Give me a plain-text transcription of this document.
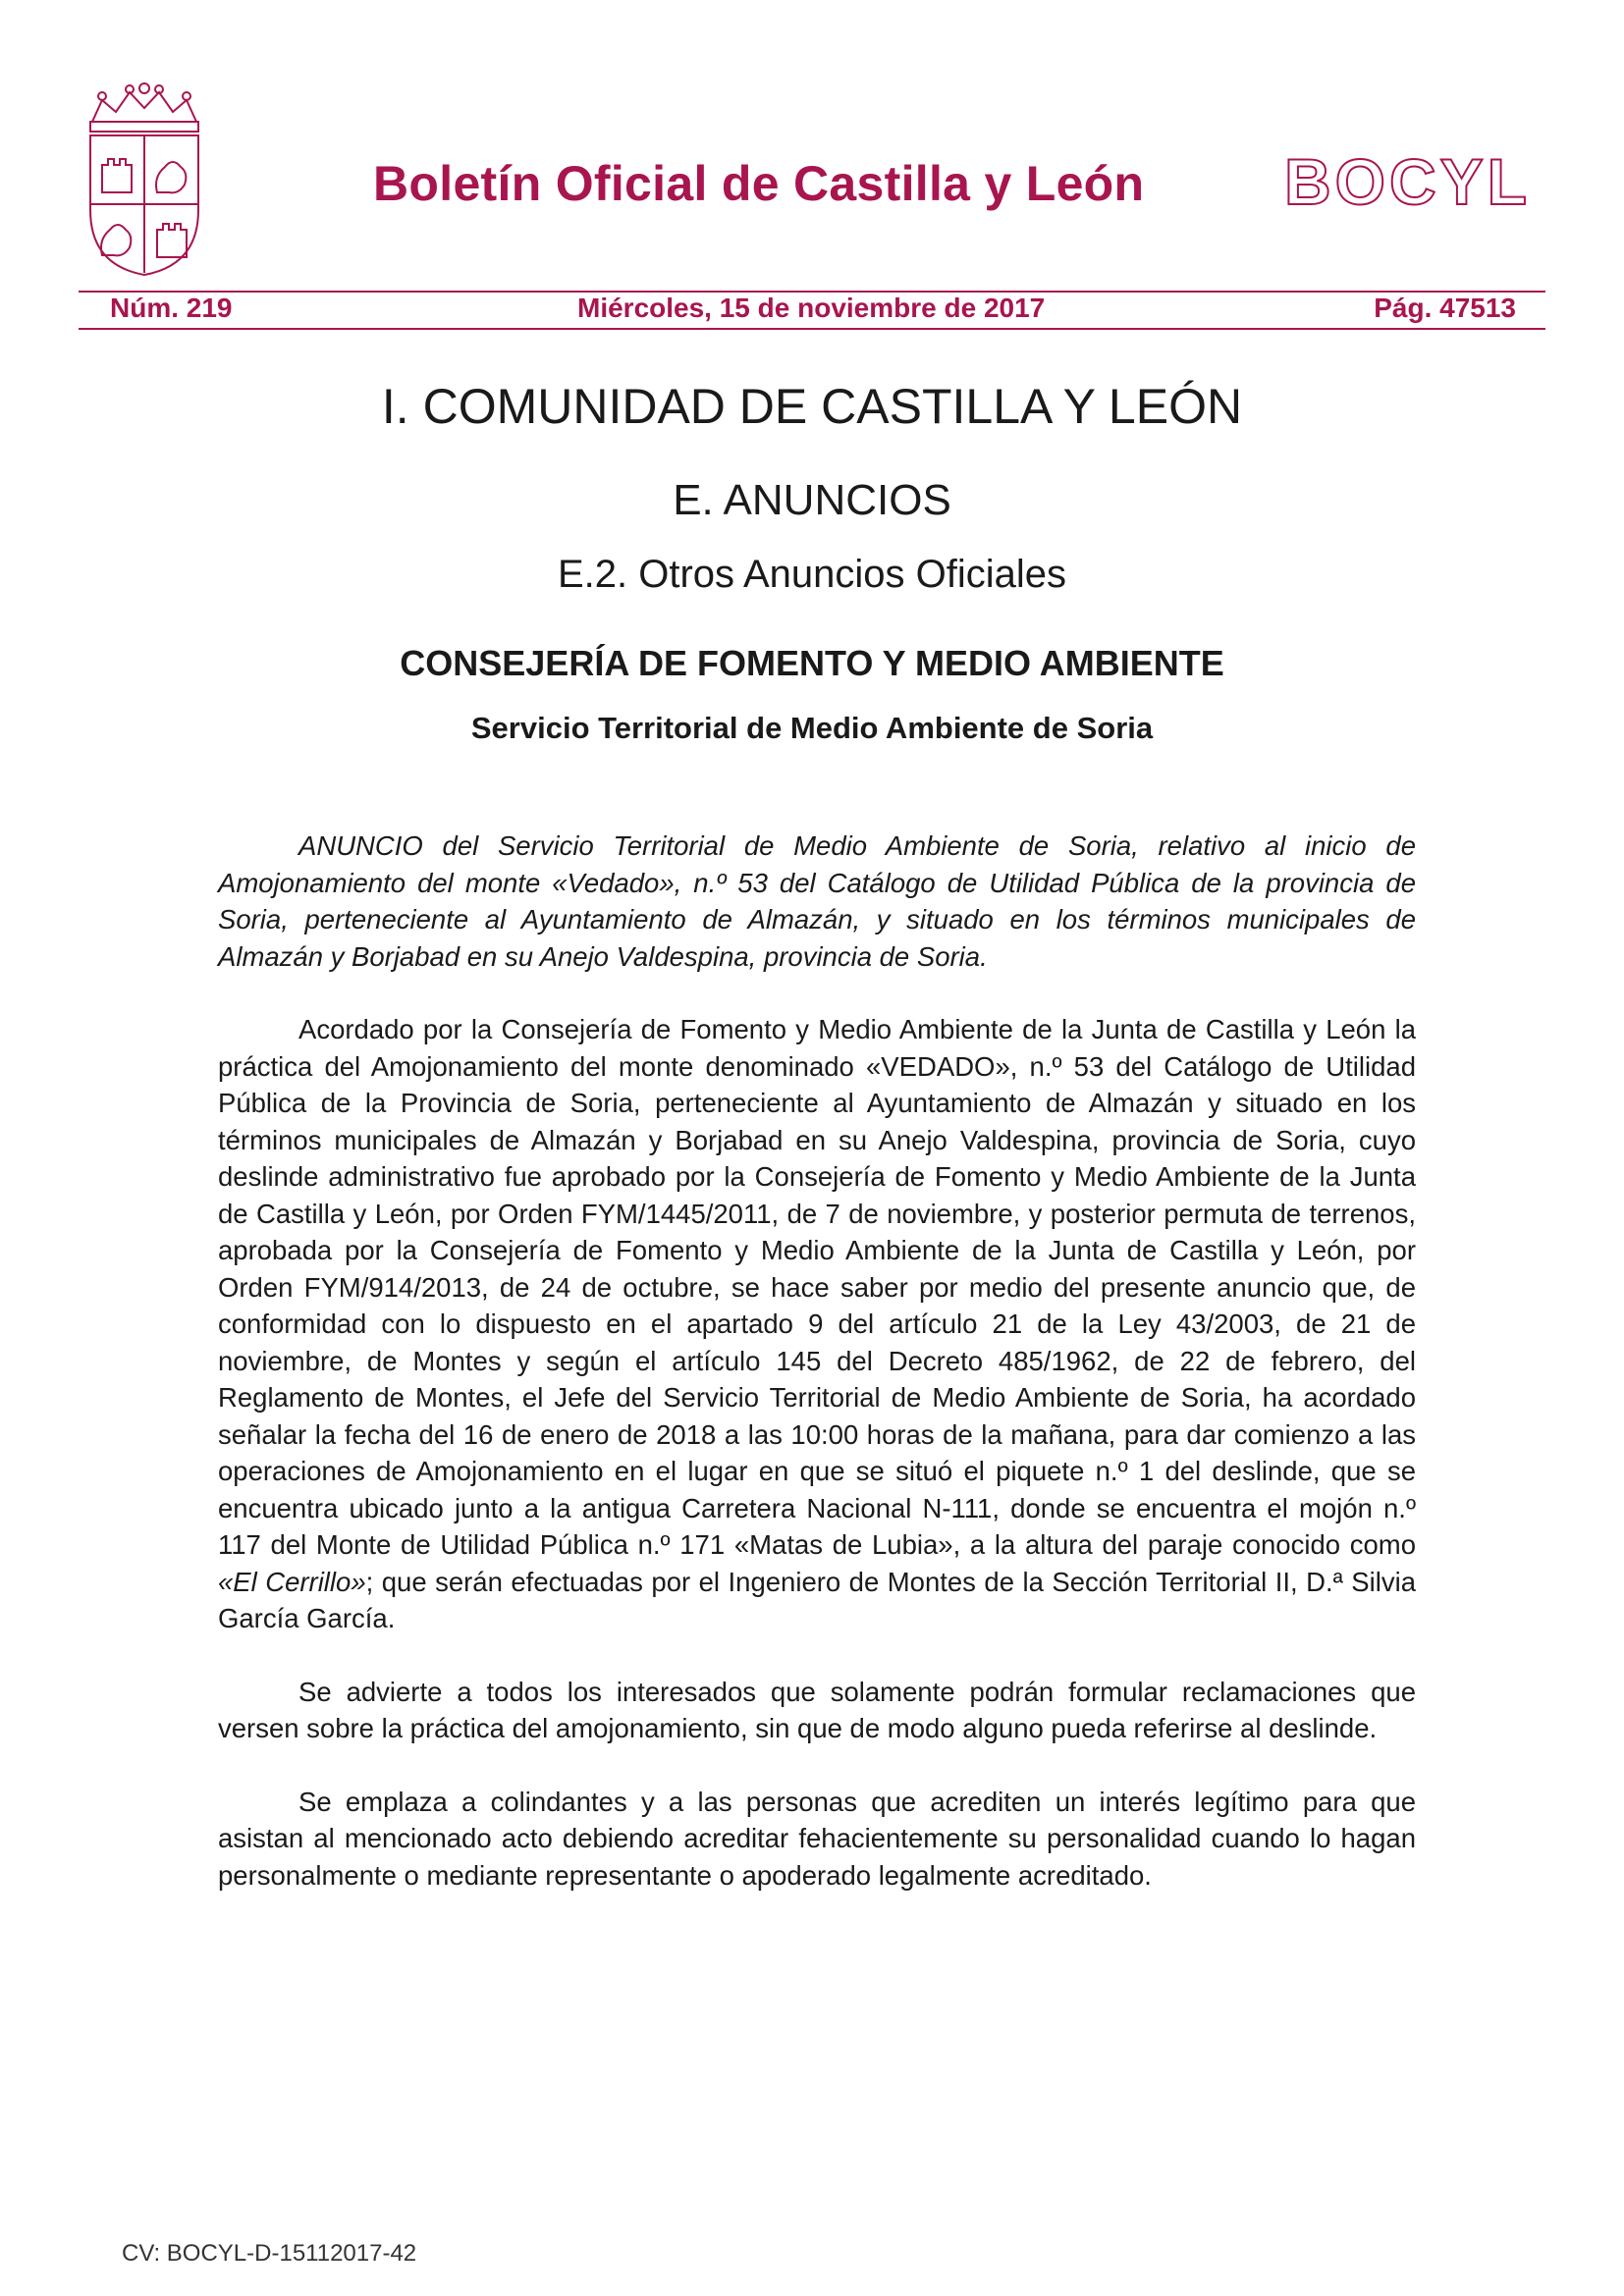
Boletín Oficial de Castilla y León	BOCYL
Núm. 219	Miércoles, 15 de noviembre de 2017	Pág. 47513
I. COMUNIDAD DE CASTILLA Y LEÓN
E. ANUNCIOS
E.2. Otros Anuncios Oficiales
CONSEJERÍA DE FOMENTO Y MEDIO AMBIENTE
Servicio Territorial de Medio Ambiente de Soria

ANUNCIO del Servicio Territorial de Medio Ambiente de Soria, relativo al inicio de Amojonamiento del monte «Vedado», n.º 53 del Catálogo de Utilidad Pública de la provincia de Soria, perteneciente al Ayuntamiento de Almazán, y situado en los términos municipales de Almazán y Borjabad en su Anejo Valdespina, provincia de Soria.

Acordado por la Consejería de Fomento y Medio Ambiente de la Junta de Castilla y León la práctica del Amojonamiento del monte denominado «VEDADO», n.º 53 del Catálogo de Utilidad Pública de la Provincia de Soria, perteneciente al Ayuntamiento de Almazán y situado en los términos municipales de Almazán y Borjabad en su Anejo Valdespina, provincia de Soria, cuyo deslinde administrativo fue aprobado por la Consejería de Fomento y Medio Ambiente de la Junta de Castilla y León, por Orden FYM/1445/2011, de 7 de noviembre, y posterior permuta de terrenos, aprobada por la Consejería de Fomento y Medio Ambiente de la Junta de Castilla y León, por Orden FYM/914/2013, de 24 de octubre, se hace saber por medio del presente anuncio que, de conformidad con lo dispuesto en el apartado 9 del artículo 21 de la Ley 43/2003, de 21 de noviembre, de Montes y según el artículo 145 del Decreto 485/1962, de 22 de febrero, del Reglamento de Montes, el Jefe del Servicio Territorial de Medio Ambiente de Soria, ha acordado señalar la fecha del 16 de enero de 2018 a las 10:00 horas de la mañana, para dar comienzo a las operaciones de Amojonamiento en el lugar en que se situó el piquete n.º 1 del deslinde, que se encuentra ubicado junto a la antigua Carretera Nacional N-111, donde se encuentra el mojón n.º 117 del Monte de Utilidad Pública n.º 171 «Matas de Lubia», a la altura del paraje conocido como «El Cerrillo»; que serán efectuadas por el Ingeniero de Montes de la Sección Territorial II, D.ª Silvia García García.

Se advierte a todos los interesados que solamente podrán formular reclamaciones que versen sobre la práctica del amojonamiento, sin que de modo alguno pueda referirse al deslinde.

Se emplaza a colindantes y a las personas que acrediten un interés legítimo para que asistan al mencionado acto debiendo acreditar fehacientemente su personalidad cuando lo hagan personalmente o mediante representante o apoderado legalmente acreditado.

CV: BOCYL-D-15112017-42
